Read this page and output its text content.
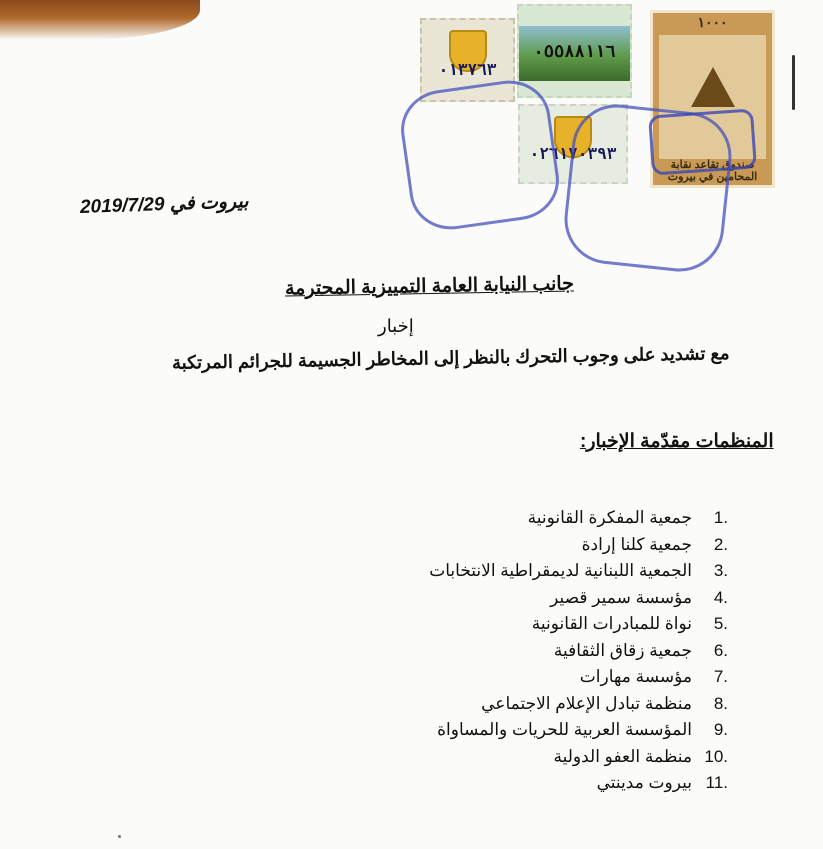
٠١٣٧٦٣
٠٥٥٨٨١١٦
٠٢٦١٧٠٣٩٣
١٠٠٠
صندوق تقاعد نقابة المحامين في بيروت
بيروت في 2019/7/29
جانب النيابة العامة التمييزية المحترمة
إخبار
مع تشديد على وجوب التحرك بالنظر إلى المخاطر الجسيمة للجرائم المرتكبة
المنظمات مقدّمة الإخبار:
1.
جمعية المفكرة القانونية
2.
جمعية كلنا إرادة
3.
الجمعية اللبنانية لديمقراطية الانتخابات
4.
مؤسسة سمير قصير
5.
نواة للمبادرات القانونية
6.
جمعية زقاق الثقافية
7.
مؤسسة مهارات
8.
منظمة تبادل الإعلام الاجتماعي
9.
المؤسسة العربية للحريات والمساواة
10.
منظمة العفو الدولية
11.
بيروت مدينتي
